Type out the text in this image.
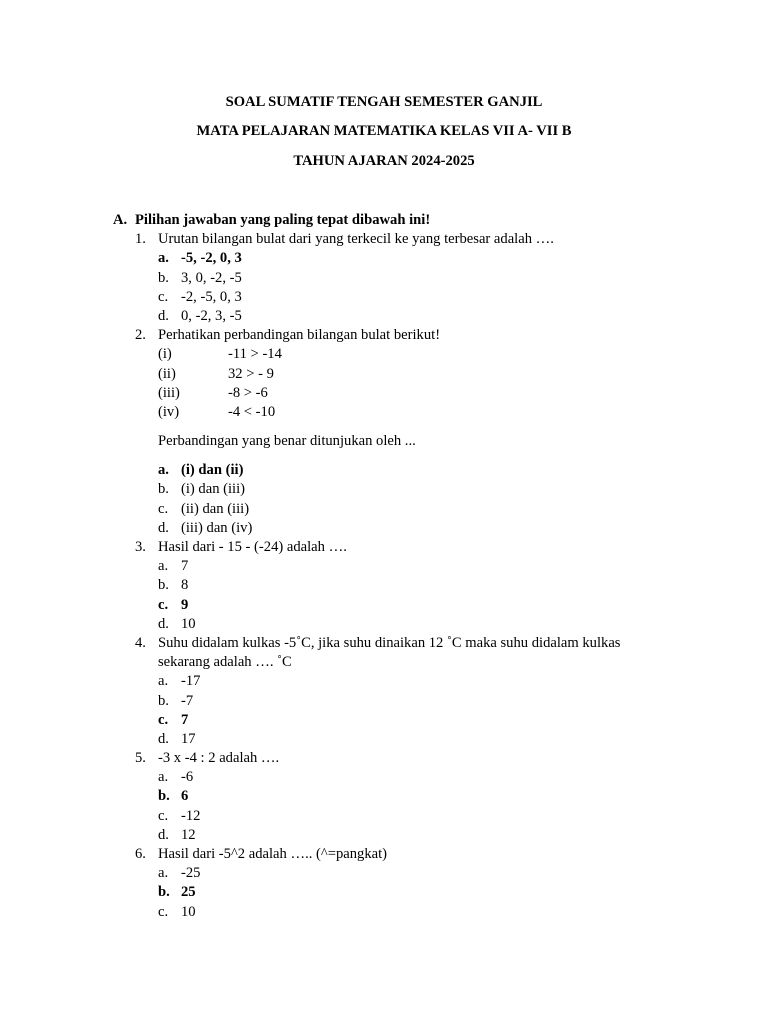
SOAL SUMATIF TENGAH SEMESTER GANJIL
MATA PELAJARAN MATEMATIKA KELAS VII A- VII B
TAHUN AJARAN 2024-2025
A. Pilihan jawaban yang paling tepat dibawah ini!
1. Urutan bilangan bulat dari yang terkecil ke yang terbesar adalah ….
a. -5, -2, 0, 3
b. 3, 0, -2, -5
c. -2, -5, 0, 3
d. 0, -2, 3, -5
2. Perhatikan perbandingan bilangan bulat berikut!
(i)	-11 > -14
(ii)	32 > - 9
(iii)	-8 > -6
(iv)	-4 < -10
Perbandingan yang benar ditunjukan oleh ...
a. (i) dan (ii)
b. (i) dan (iii)
c. (ii) dan (iii)
d. (iii) dan (iv)
3. Hasil dari - 15 - (-24) adalah ….
a. 7
b. 8
c. 9
d. 10
4. Suhu didalam kulkas -5˚C, jika suhu dinaikan 12 ˚C maka suhu didalam kulkas
sekarang adalah …. ˚C
a. -17
b. -7
c. 7
d. 17
5. -3 x -4 : 2 adalah ….
a. -6
b. 6
c. -12
d. 12
6. Hasil dari -5^2 adalah ….. (^=pangkat)
a. -25
b. 25
c. 10
